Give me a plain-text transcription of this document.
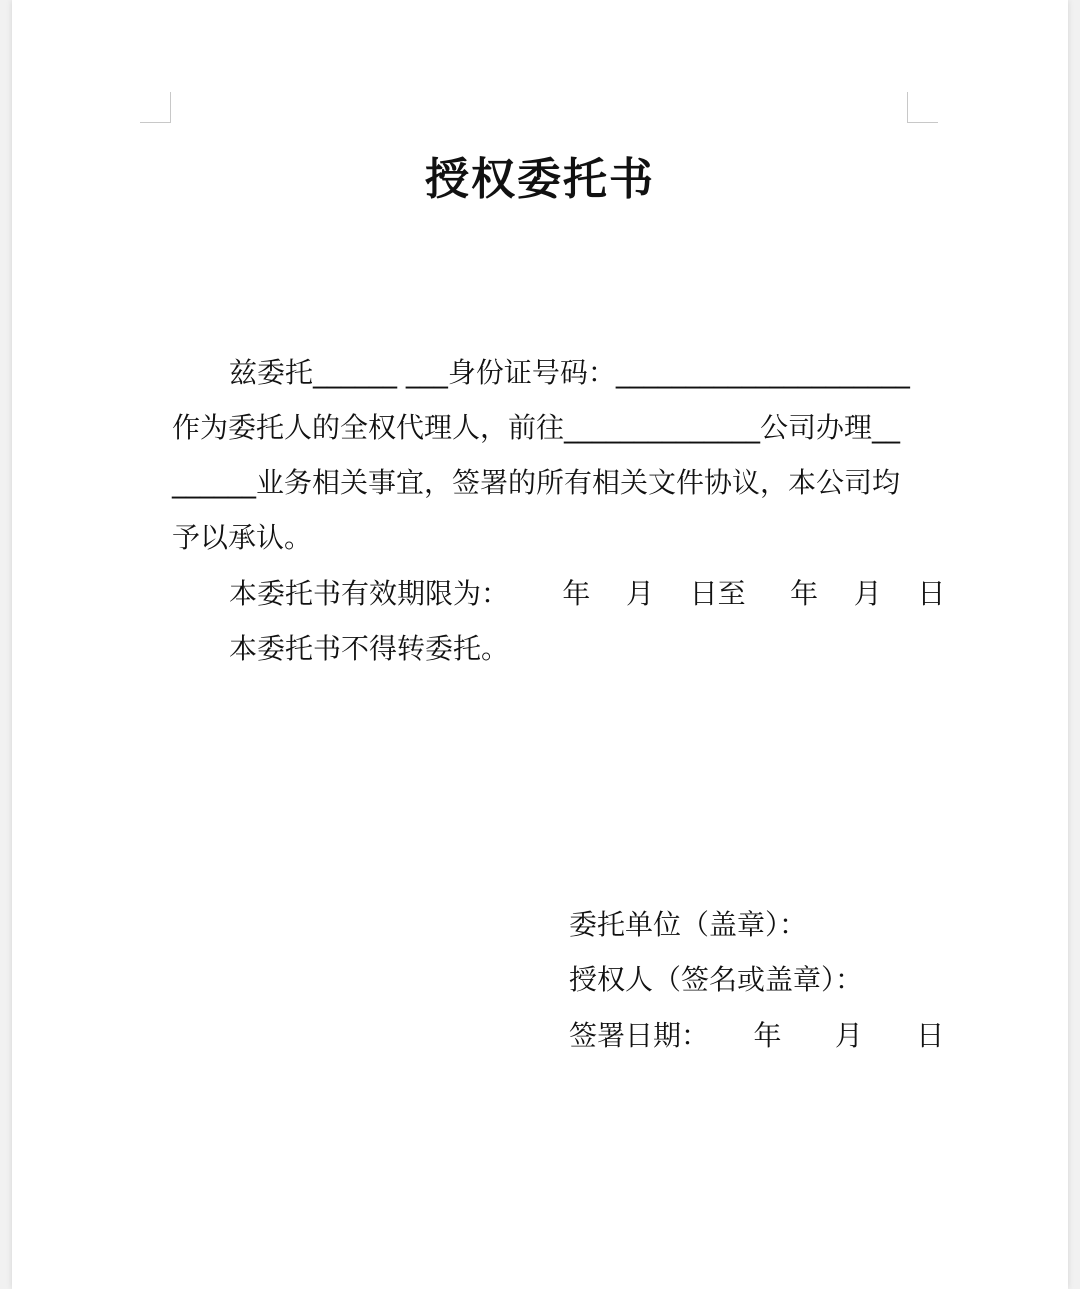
授权委托书
兹委托______ ___身份证号码：_____________________
作为委托人的全权代理人，前往______________公司办理__
______业务相关事宜，签署的所有相关文件协议，本公司均
予以承认。
本委托书有效期限为：      年    月    日至     年    月    日
本委托书不得转委托。
委托单位（盖章）：
授权人（签名或盖章）：
签署日期：     年      月      日
